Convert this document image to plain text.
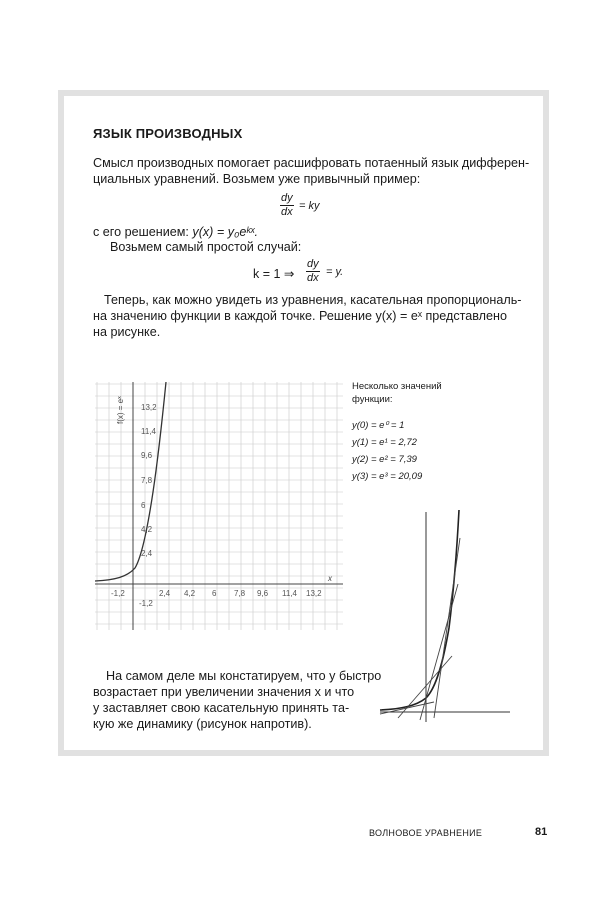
ЯЗЫК ПРОИЗВОДНЫХ
Смысл производных помогает расшифровать потаенный язык дифферен-
циальных уравнений. Возьмем уже привычный пример:
$\frac{dy}{dx}$ = ky
с его решением: y(x) = y₀eᵏˣ.
Возьмем самый простой случай:
k = 1 ⇒ $\frac{dy}{dx} = y$.
Теперь, как можно увидеть из уравнения, касательная пропорциональ-
на значению функции в каждой точке. Решение y(x) = eˣ представлено
на рисунке.
f(x) = eˣ
x
13,2
11,4
9,6
7,8
6
4,2
2,4
-1,2
-1,2	2,4 4,2 6 7,8 9,6 11,4 13,2
Несколько значений
функции:
y(0) = e⁰ = 1
y(1) = e¹ = 2,72
y(2) = e² = 7,39
y(3) = e³ = 20,09
На самом деле мы констатируем, что y быстро
возрастает при увеличении значения x и что
y заставляет свою касательную принять та-
кую же динамику (рисунок напротив).
ВОЛНОВОЕ УРАВНЕНИЕ	81
